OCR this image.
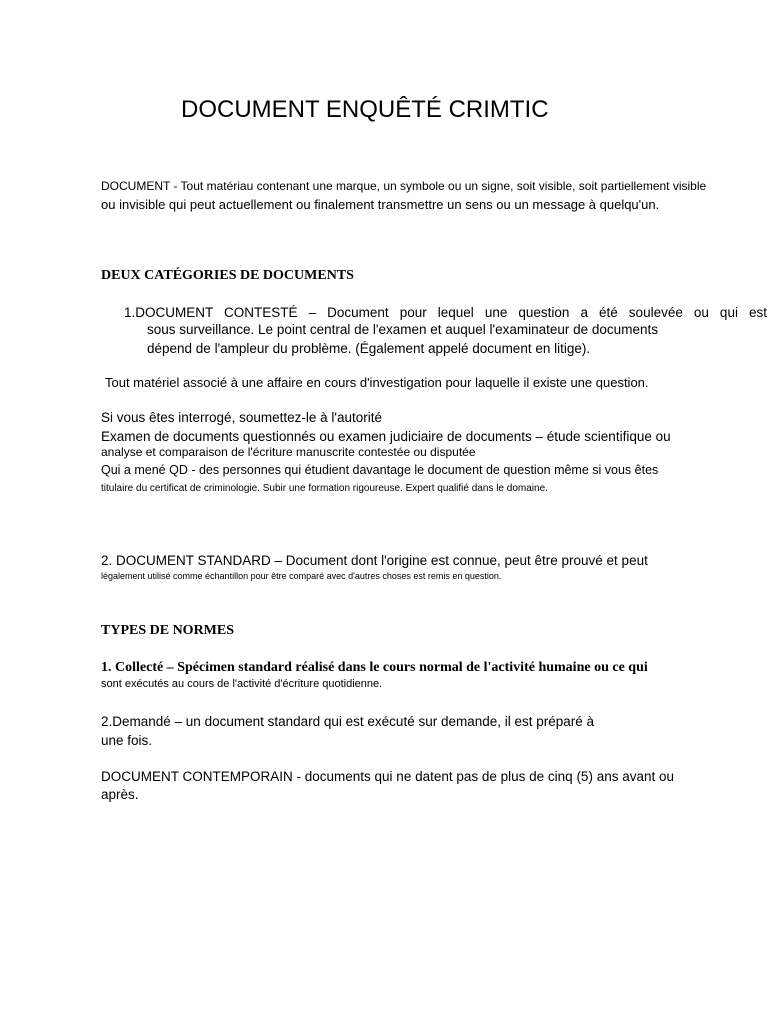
DOCUMENT ENQUÊTÉ CRIMTIC

DOCUMENT - Tout matériau contenant une marque, un symbole ou un signe, soit visible, soit partiellement visible

ou invisible qui peut actuellement ou finalement transmettre un sens ou un message à quelqu'un.

DEUX CATÉGORIES DE DOCUMENTS

1.DOCUMENT CONTESTÉ – Document pour lequel une question a été soulevée ou qui est

sous surveillance. Le point central de l'examen et auquel l'examinateur de documents

dépend de l'ampleur du problème. (Également appelé document en litige).

Tout matériel associé à une affaire en cours d'investigation pour laquelle il existe une question.

Si vous êtes interrogé, soumettez-le à l'autorité

Examen de documents questionnés ou examen judiciaire de documents – étude scientifique ou

analyse et comparaison de l'écriture manuscrite contestée ou disputée

Qui a mené QD - des personnes qui étudient davantage le document de question même si vous êtes

titulaire du certificat de criminologie. Subir une formation rigoureuse. Expert qualifié dans le domaine.

2. DOCUMENT STANDARD – Document dont l'origine est connue, peut être prouvé et peut

légalement utilisé comme échantillon pour être comparé avec d'autres choses est remis en question.

TYPES DE NORMES

1. Collecté – Spécimen standard réalisé dans le cours normal de l'activité humaine ou ce qui

sont exécutés au cours de l'activité d'écriture quotidienne.

2.Demandé – un document standard qui est exécuté sur demande, il est préparé à

une fois.

DOCUMENT CONTEMPORAIN - documents qui ne datent pas de plus de cinq (5) ans avant ou

après.
